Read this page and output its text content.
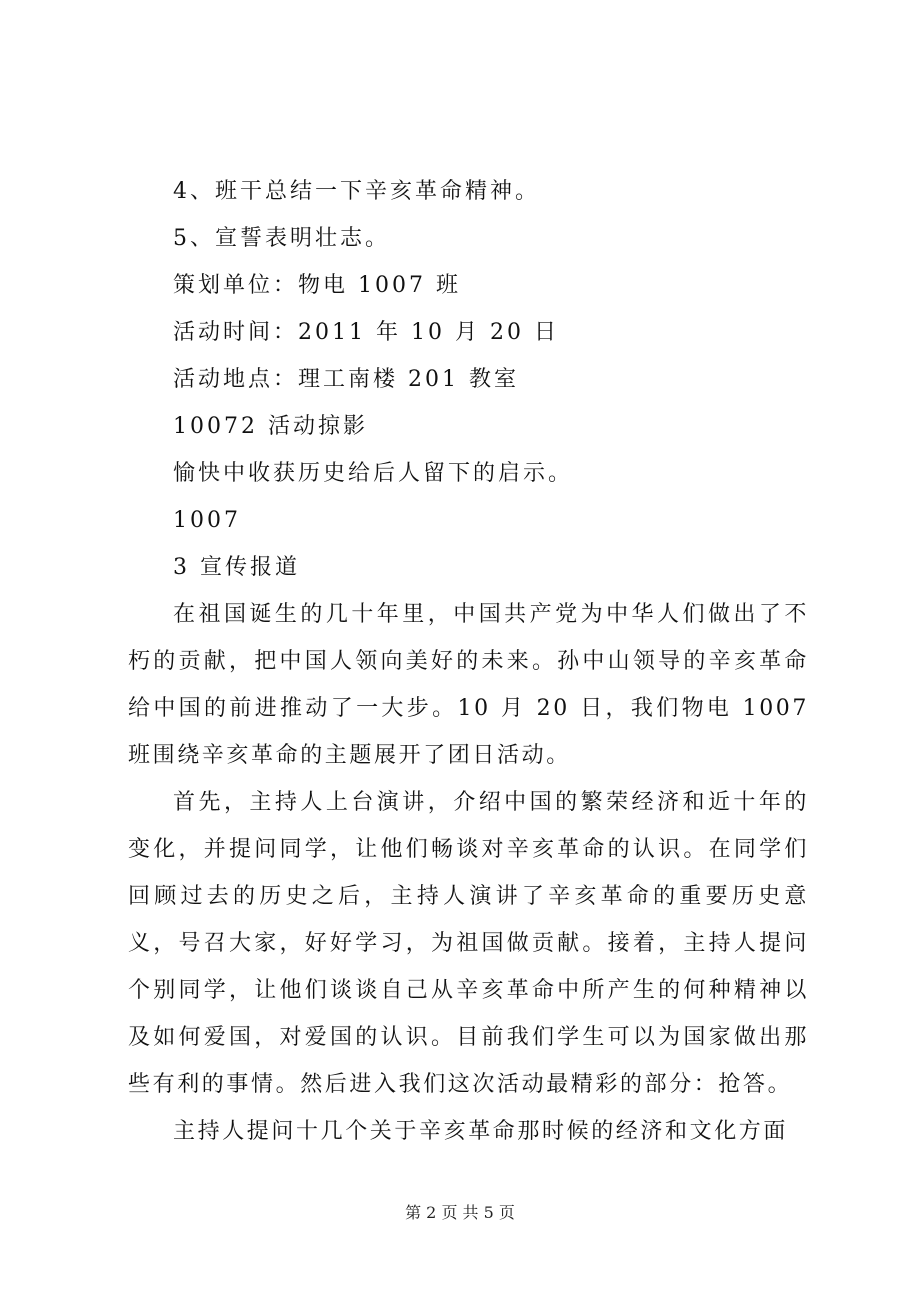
4、班干总结一下辛亥革命精神。
5、宣誓表明壮志。
策划单位：物电 1007 班
活动时间：2011 年 10 月 20 日
活动地点：理工南楼 201 教室
10072 活动掠影
愉快中收获历史给后人留下的启示。
1007
3 宣传报道

在祖国诞生的几十年里，中国共产党为中华人们做出了不朽的贡献，把中国人领向美好的未来。孙中山领导的辛亥革命给中国的前进推动了一大步。10 月 20 日，我们物电 1007 班围绕辛亥革命的主题展开了团日活动。

首先，主持人上台演讲，介绍中国的繁荣经济和近十年的变化，并提问同学，让他们畅谈对辛亥革命的认识。在同学们回顾过去的历史之后，主持人演讲了辛亥革命的重要历史意义，号召大家，好好学习，为祖国做贡献。接着，主持人提问个别同学，让他们谈谈自己从辛亥革命中所产生的何种精神以及如何爱国，对爱国的认识。目前我们学生可以为国家做出那些有利的事情。然后进入我们这次活动最精彩的部分：抢答。

主持人提问十几个关于辛亥革命那时候的经济和文化方面

第 2 页 共 5 页
